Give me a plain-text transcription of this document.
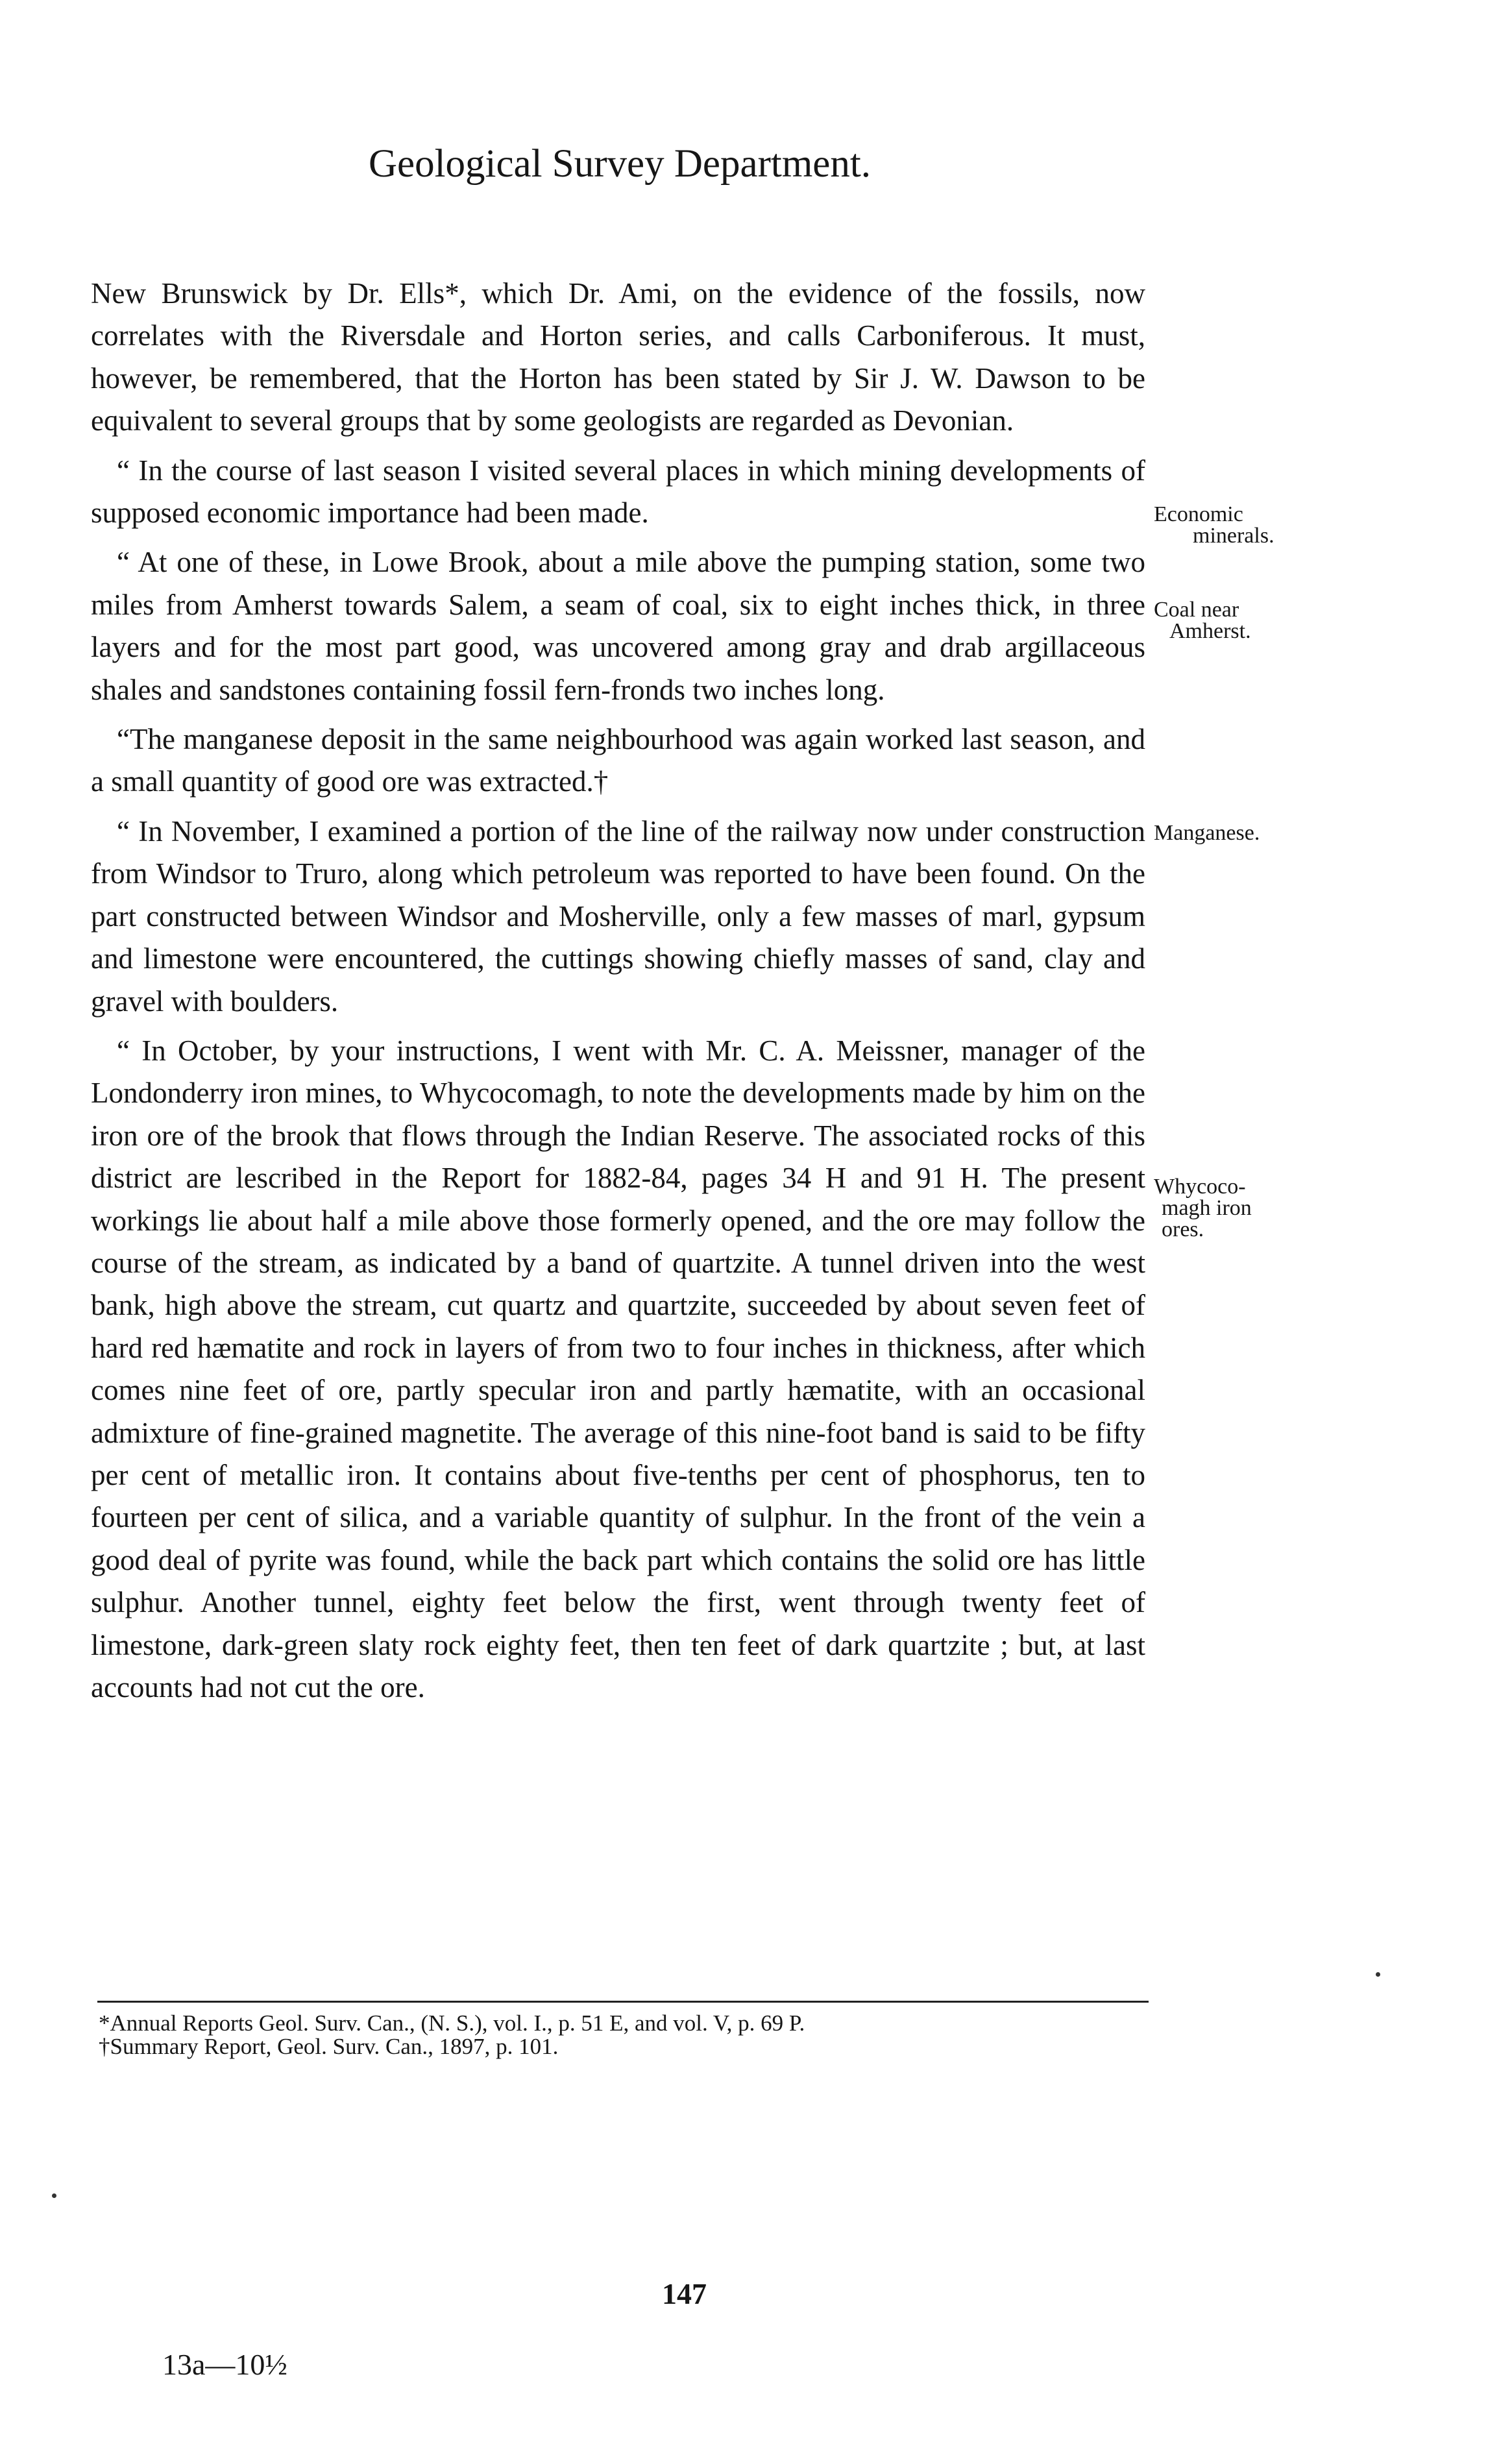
Geological Survey Department.

New Brunswick by Dr. Ells*, which Dr. Ami, on the evidence of the fossils, now correlates with the Riversdale and Horton series, and calls Carboniferous. It must, however, be remembered, that the Horton has been stated by Sir J. W. Dawson to be equivalent to several groups that by some geologists are regarded as Devonian.

“ In the course of last season I visited several places in which mining developments of supposed economic importance had been made.

“ At one of these, in Lowe Brook, about a mile above the pumping station, some two miles from Amherst towards Salem, a seam of coal, six to eight inches thick, in three layers and for the most part good, was uncovered among gray and drab argillaceous shales and sandstones containing fossil fern-fronds two inches long.

“The manganese deposit in the same neighbourhood was again worked last season, and a small quantity of good ore was extracted.†

“ In November, I examined a portion of the line of the railway now under construction from Windsor to Truro, along which petroleum was reported to have been found. On the part constructed between Windsor and Mosherville, only a few masses of marl, gypsum and limestone were encountered, the cuttings showing chiefly masses of sand, clay and gravel with boulders.

“ In October, by your instructions, I went with Mr. C. A. Meissner, manager of the Londonderry iron mines, to Whycocomagh, to note the developments made by him on the iron ore of the brook that flows through the Indian Reserve. The associated rocks of this district are lescribed in the Report for 1882-84, pages 34 H and 91 H. The present workings lie about half a mile above those formerly opened, and the ore may follow the course of the stream, as indicated by a band of quartzite. A tunnel driven into the west bank, high above the stream, cut quartz and quartzite, succeeded by about seven feet of hard red hæmatite and rock in layers of from two to four inches in thickness, after which comes nine feet of ore, partly specular iron and partly hæmatite, with an occasional admixture of fine-grained magnetite. The average of this nine-foot band is said to be fifty per cent of metallic iron. It contains about five-tenths per cent of phosphorus, ten to fourteen per cent of silica, and a variable quantity of sulphur. In the front of the vein a good deal of pyrite was found, while the back part which contains the solid ore has little sulphur. Another tunnel, eighty feet below the first, went through twenty feet of limestone, dark-green slaty rock eighty feet, then ten feet of dark quartzite ; but, at last accounts had not cut the ore.

Economic
minerals.
Coal near
Amherst.
Manganese.
Whycoco-
magh iron
ores.
*Annual Reports Geol. Surv. Can., (N. S.), vol. I., p. 51 E, and vol. V, p. 69 P.
†Summary Report, Geol. Surv. Can., 1897, p. 101.
147
13a—10½
